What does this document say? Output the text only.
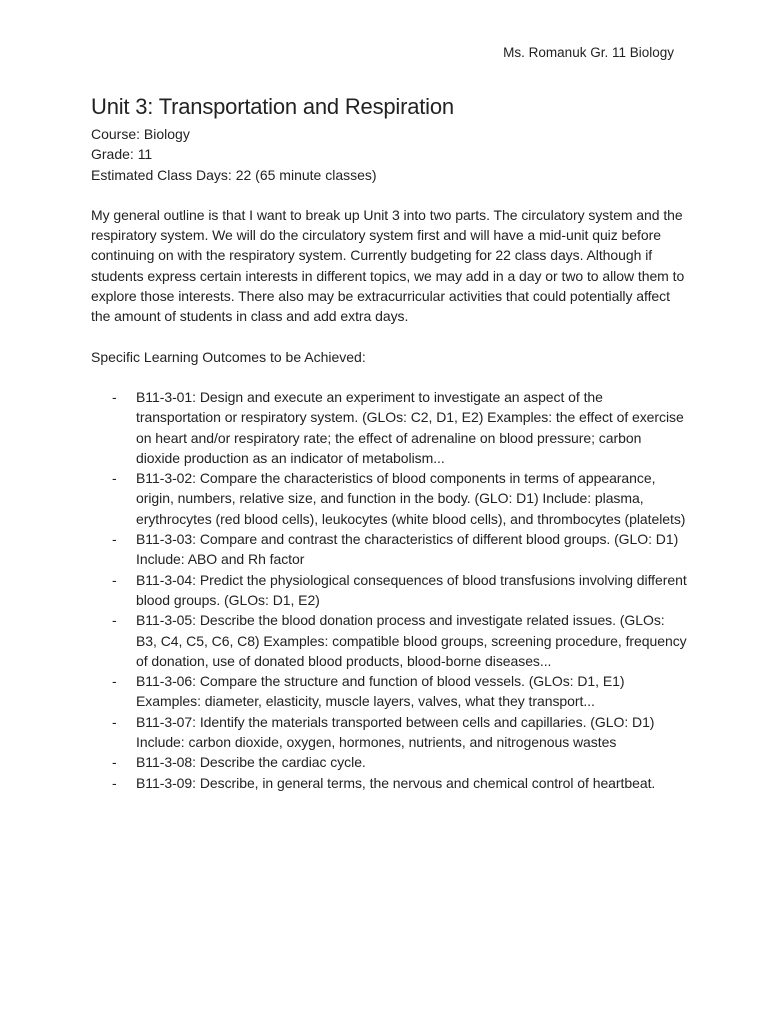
Ms. Romanuk Gr. 11 Biology
Unit 3: Transportation and Respiration
Course: Biology
Grade: 11
Estimated Class Days: 22 (65 minute classes)

My general outline is that I want to break up Unit 3 into two parts. The circulatory system and the respiratory system. We will do the circulatory system first and will have a mid-unit quiz before continuing on with the respiratory system. Currently budgeting for 22 class days. Although if students express certain interests in different topics, we may add in a day or two to allow them to explore those interests. There also may be extracurricular activities that could potentially affect the amount of students in class and add extra days.

Specific Learning Outcomes to be Achieved:

- B11-3-01: Design and execute an experiment to investigate an aspect of the transportation or respiratory system. (GLOs: C2, D1, E2) Examples: the effect of exercise on heart and/or respiratory rate; the effect of adrenaline on blood pressure; carbon dioxide production as an indicator of metabolism...
- B11-3-02: Compare the characteristics of blood components in terms of appearance, origin, numbers, relative size, and function in the body. (GLO: D1) Include: plasma, erythrocytes (red blood cells), leukocytes (white blood cells), and thrombocytes (platelets)
- B11-3-03: Compare and contrast the characteristics of different blood groups. (GLO: D1) Include: ABO and Rh factor
- B11-3-04: Predict the physiological consequences of blood transfusions involving different blood groups. (GLOs: D1, E2)
- B11-3-05: Describe the blood donation process and investigate related issues. (GLOs: B3, C4, C5, C6, C8) Examples: compatible blood groups, screening procedure, frequency of donation, use of donated blood products, blood-borne diseases...
- B11-3-06: Compare the structure and function of blood vessels. (GLOs: D1, E1) Examples: diameter, elasticity, muscle layers, valves, what they transport...
- B11-3-07: Identify the materials transported between cells and capillaries. (GLO: D1) Include: carbon dioxide, oxygen, hormones, nutrients, and nitrogenous wastes
- B11-3-08: Describe the cardiac cycle.
- B11-3-09: Describe, in general terms, the nervous and chemical control of heartbeat.
